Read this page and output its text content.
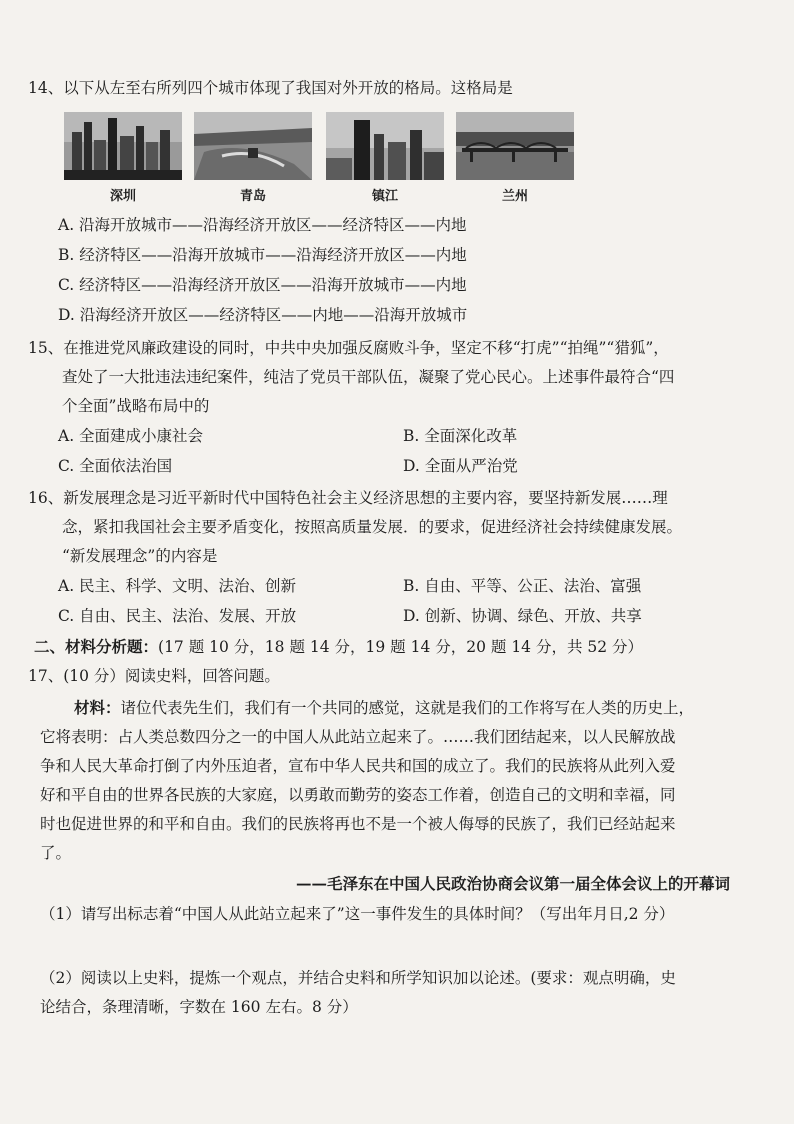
14、以下从左至右所列四个城市体现了我国对外开放的格局。这格局是
深圳	青岛	镇江	兰州
A. 沿海开放城市——沿海经济开放区——经济特区——内地
B. 经济特区——沿海开放城市——沿海经济开放区——内地
C. 经济特区——沿海经济开放区——沿海开放城市——内地
D. 沿海经济开放区——经济特区——内地——沿海开放城市
15、在推进党风廉政建设的同时，中共中央加强反腐败斗争，坚定不移“打虎”“拍绳”“猎狐”，
查处了一大批违法违纪案件，纯洁了党员干部队伍，凝聚了党心民心。上述事件最符合“四
个全面”战略布局中的
A. 全面建成小康社会	B. 全面深化改革
C. 全面依法治国	D. 全面从严治党
16、新发展理念是习近平新时代中国特色社会主义经济思想的主要内容，要坚持新发展……理
念，紧扣我国社会主要矛盾变化，按照高质量发展．的要求，促进经济社会持续健康发展。
“新发展理念”的内容是
A. 民主、科学、文明、法治、创新	B. 自由、平等、公正、法治、富强
C. 自由、民主、法治、发展、开放	D. 创新、协调、绿色、开放、共享
二、材料分析题：(17 题 10 分，18 题 14 分，19 题 14 分，20 题 14 分，共 52 分）
17、(10 分）阅读史料，回答问题。
材料：诸位代表先生们，我们有一个共同的感觉，这就是我们的工作将写在人类的历史上，
它将表明：占人类总数四分之一的中国人从此站立起来了。……我们团结起来，以人民解放战
争和人民大革命打倒了内外压迫者，宣布中华人民共和国的成立了。我们的民族将从此列入爱
好和平自由的世界各民族的大家庭，以勇敢而勤劳的姿态工作着，创造自己的文明和幸福，同
时也促进世界的和平和自由。我们的民族将再也不是一个被人侮辱的民族了，我们已经站起来
了。
——毛泽东在中国人民政治协商会议第一届全体会议上的开幕词
（1）请写出标志着“中国人从此站立起来了”这一事件发生的具体时间？（写出年月日,2 分）
（2）阅读以上史料，提炼一个观点，并结合史料和所学知识加以论述。(要求：观点明确，史
论结合，条理清晰，字数在 160 左右。8 分）
